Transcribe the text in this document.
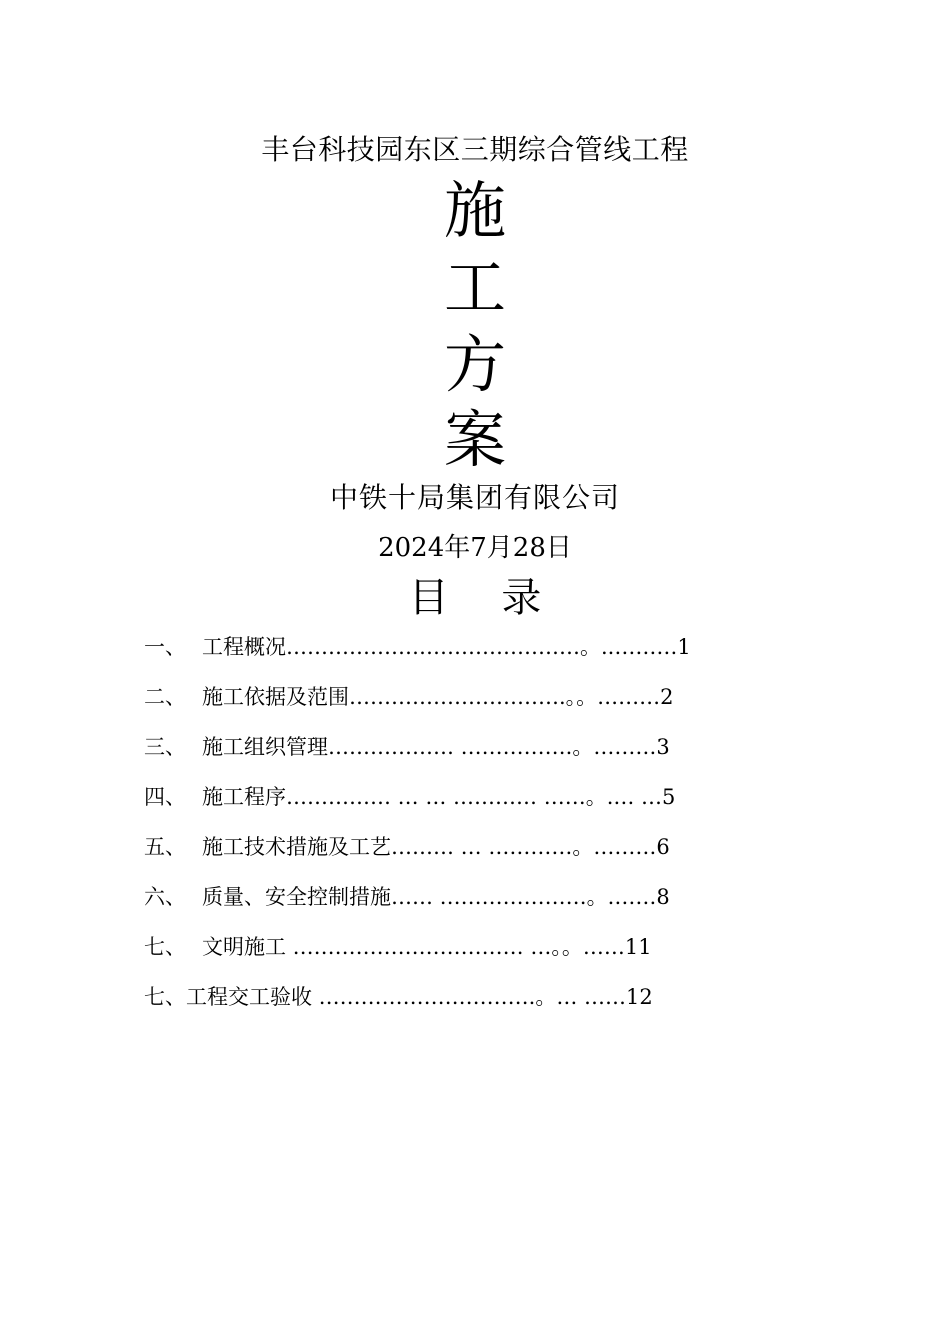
丰台科技园东区三期综合管线工程
施
工
方
案
中铁十局集团有限公司
2024年7月28日
目 录
一、 工程概况……………………………………。..………1
二、 施工依据及范围………………………….。。………2
三、 施工组织管理……………… …………….。………3
四、 施工程序…………… … … ………… ……。.… …5
五、 施工技术措施及工艺……… … …………。………6
六、 质量、安全控制措施…… …………………。.……8
七、 文明施工 …………………………… …。。……11
七、工程交工验收 ………………………….。… ……12
